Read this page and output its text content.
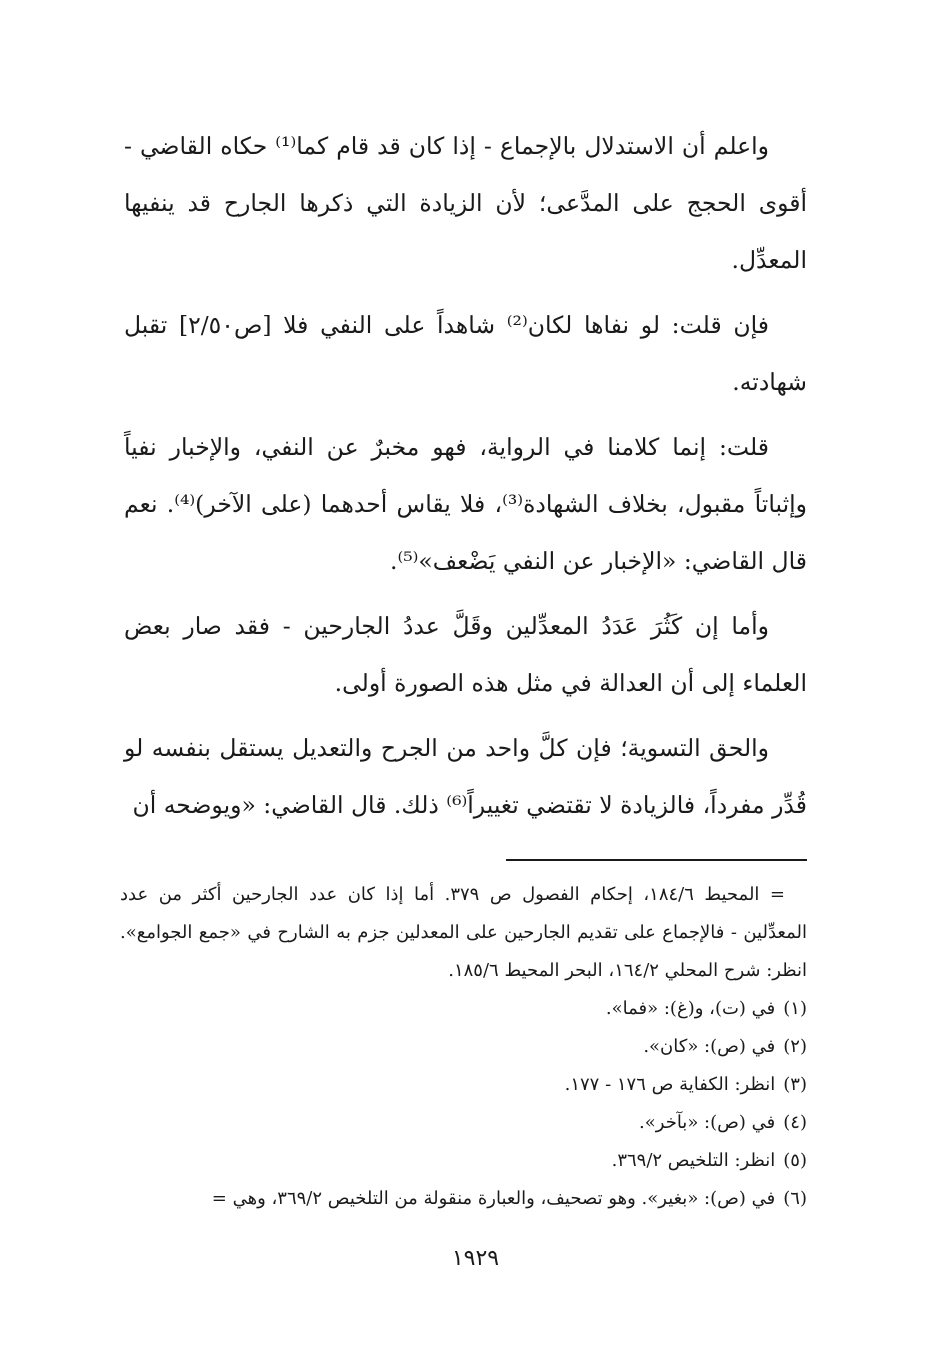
واعلم أن الاستدلال بالإجماع - إذا كان قد قام كما⁽¹⁾ حكاه القاضي - أقوى الحجج على المدَّعى؛ لأن الزيادة التي ذكرها الجارح قد ينفيها المعدِّل.

فإن قلت: لو نفاها لكان⁽²⁾ شاهداً على النفي فلا [ص٢/٥٠] تقبل شهادته.

قلت: إنما كلامنا في الرواية، فهو مخبرٌ عن النفي، والإخبار نفياً وإثباتاً مقبول، بخلاف الشهادة⁽³⁾، فلا يقاس أحدهما (على الآخر)⁽⁴⁾. نعم قال القاضي: «الإخبار عن النفي يَضْعف»⁽⁵⁾.

وأما إن كَثُرَ عَدَدُ المعدِّلين وقَلَّ عددُ الجارحين - فقد صار بعض العلماء إلى أن العدالة في مثل هذه الصورة أولى.

والحق التسوية؛ فإن كلَّ واحد من الجرح والتعديل يستقل بنفسه لو قُدِّر مفرداً، فالزيادة لا تقتضي تغييراً⁽⁶⁾ ذلك. قال القاضي: «ويوضحه أن

= المحيط ١٨٤/٦، إحكام الفصول ص ٣٧٩. أما إذا كان عدد الجارحين أكثر من عدد المعدِّلين - فالإجماع على تقديم الجارحين على المعدلين جزم به الشارح في «جمع الجوامع». انظر: شرح المحلي ١٦٤/٢، البحر المحيط ١٨٥/٦.

(١) في (ت)، و(غ): «فما».

(٢) في (ص): «كان».

(٣) انظر: الكفاية ص ١٧٦ - ١٧٧.

(٤) في (ص): «بآخر».

(٥) انظر: التلخيص ٣٦٩/٢.

(٦) في (ص): «بغير». وهو تصحيف، والعبارة منقولة من التلخيص ٣٦٩/٢، وهي =

١٩٢٩
